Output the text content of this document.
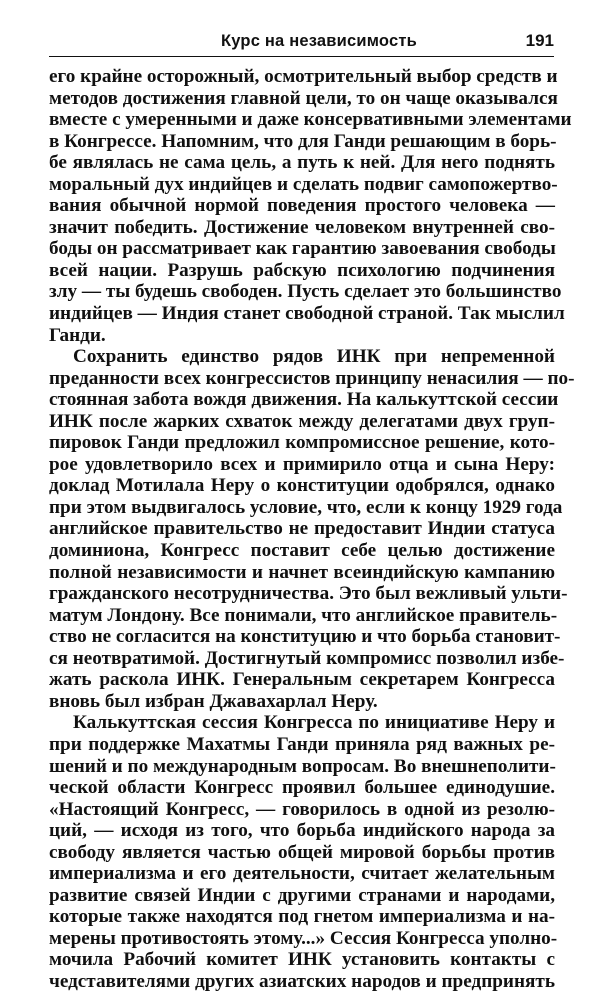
Курс на независимость	191
его крайне осторожный, осмотрительный выбор средств и
методов достижения главной цели, то он чаще оказывался
вместе с умеренными и даже консервативными элементами
в Конгрессе. Напомним, что для Ганди решающим в борь-
бе являлась не сама цель, а путь к ней. Для него поднять
моральный дух индийцев и сделать подвиг самопожертво-
вания обычной нормой поведения простого человека —
значит победить. Достижение человеком внутренней сво-
боды он рассматривает как гарантию завоевания свободы
всей нации. Разрушь рабскую психологию подчинения
злу — ты будешь свободен. Пусть сделает это большинство
индийцев — Индия станет свободной страной. Так мыслил
Ганди.
Сохранить единство рядов ИНК при непременной
преданности всех конгрессистов принципу ненасилия — по-
стоянная забота вождя движения. На калькуттской сессии
ИНК после жарких схваток между делегатами двух груп-
пировок Ганди предложил компромиссное решение, кото-
рое удовлетворило всех и примирило отца и сына Неру:
доклад Мотилала Неру о конституции одобрялся, однако
при этом выдвигалось условие, что, если к концу 1929 года
английское правительство не предоставит Индии статуса
доминиона, Конгресс поставит себе целью достижение
полной независимости и начнет всеиндийскую кампанию
гражданского несотрудничества. Это был вежливый ульти-
матум Лондону. Все понимали, что английское правитель-
ство не согласится на конституцию и что борьба становит-
ся неотвратимой. Достигнутый компромисс позволил избе-
жать раскола ИНК. Генеральным секретарем Конгресса
вновь был избран Джавахарлал Неру.
Калькуттская сессия Конгресса по инициативе Неру и
при поддержке Махатмы Ганди приняла ряд важных ре-
шений и по международным вопросам. Во внешнеполити-
ческой области Конгресс проявил большее единодушие.
«Настоящий Конгресс, — говорилось в одной из резолю-
ций, — исходя из того, что борьба индийского народа за
свободу является частью общей мировой борьбы против
империализма и его деятельности, считает желательным
развитие связей Индии с другими странами и народами,
которые также находятся под гнетом империализма и на-
мерены противостоять этому...» Сессия Конгресса уполно-
мочила Рабочий комитет ИНК установить контакты с
чедставителями других азиатских народов и предпринять
